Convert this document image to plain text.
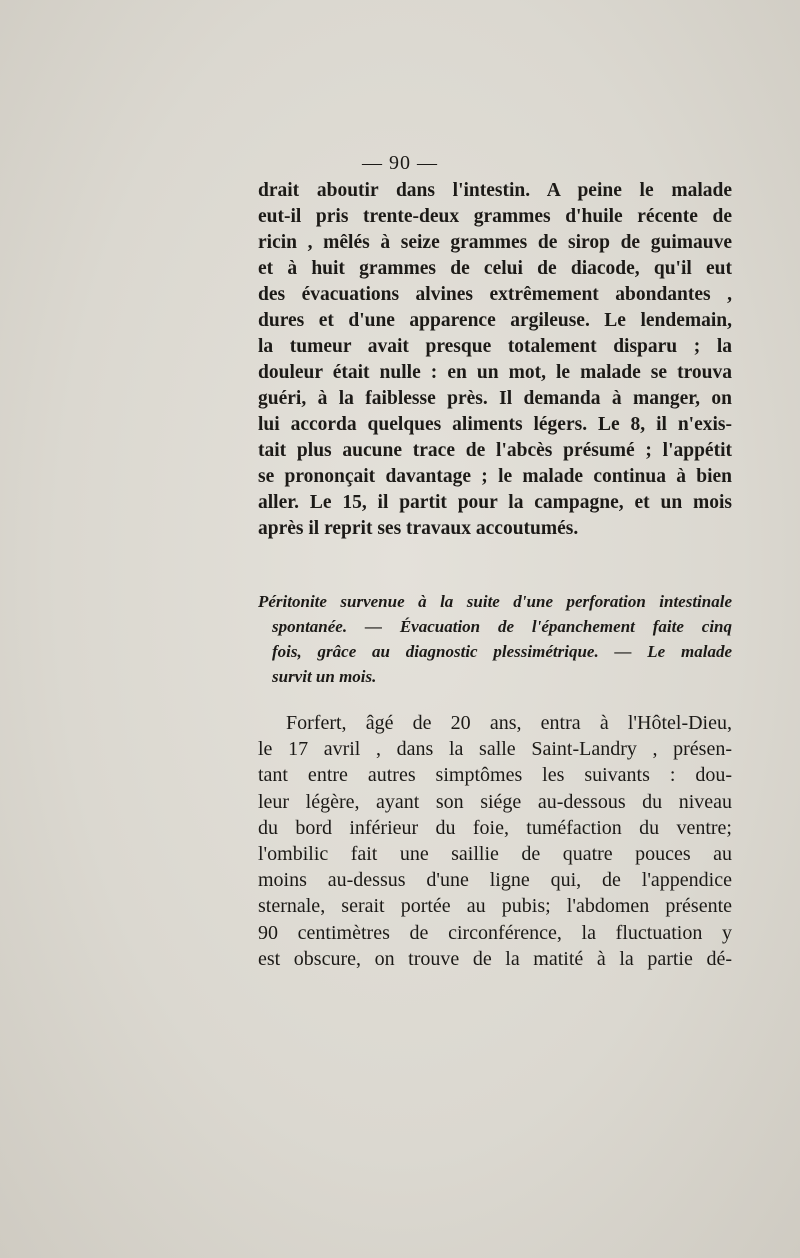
— 90 —
drait aboutir dans l'intestin. A peine le malade
eut-il pris trente-deux grammes d'huile récente de
ricin , mêlés à seize grammes de sirop de guimauve
et à huit grammes de celui de diacode, qu'il eut
des évacuations alvines extrêmement abondantes ,
dures et d'une apparence argileuse. Le lendemain,
la tumeur avait presque totalement disparu ; la
douleur était nulle : en un mot, le malade se trouva
guéri, à la faiblesse près. Il demanda à manger, on
lui accorda quelques aliments légers. Le 8, il n'exis-
tait plus aucune trace de l'abcès présumé ; l'appétit
se prononçait davantage ; le malade continua à bien
aller. Le 15, il partit pour la campagne, et un mois
après il reprit ses travaux accoutumés.
Péritonite survenue à la suite d'une perforation intestinale
spontanée. — Évacuation de l'épanchement faite cinq
fois, grâce au diagnostic plessimétrique. — Le malade
survit un mois.
Forfert, âgé de 20 ans, entra à l'Hôtel-Dieu,
le 17 avril , dans la salle Saint-Landry , présen-
tant entre autres simptômes les suivants : dou-
leur légère, ayant son siége au-dessous du niveau
du bord inférieur du foie, tuméfaction du ventre;
l'ombilic fait une saillie de quatre pouces au
moins au-dessus d'une ligne qui, de l'appendice
sternale, serait portée au pubis; l'abdomen présente
90 centimètres de circonférence, la fluctuation y
est obscure, on trouve de la matité à la partie dé-
